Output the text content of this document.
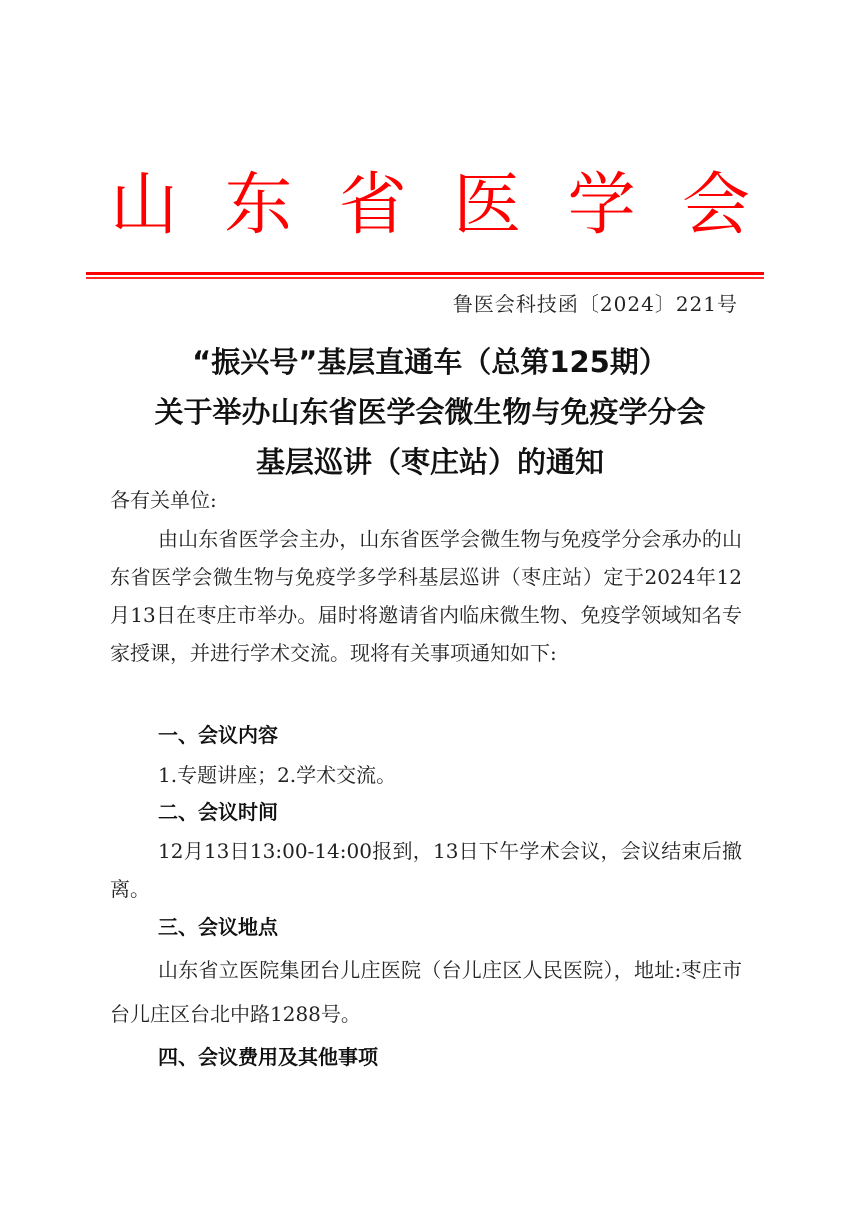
山 东 省 医 学 会
鲁医会科技函〔2024〕221号
“振兴号”基层直通车（总第125期）
关于举办山东省医学会微生物与免疫学分会
基层巡讲（枣庄站）的通知
各有关单位:
由山东省医学会主办，山东省医学会微生物与免疫学分会承办的山东省医学会微生物与免疫学多学科基层巡讲（枣庄站）定于2024年12月13日在枣庄市举办。届时将邀请省内临床微生物、免疫学领域知名专家授课，并进行学术交流。现将有关事项通知如下:
一、会议内容
1.专题讲座；2.学术交流。
二、会议时间
12月13日13:00-14:00报到，13日下午学术会议，会议结束后撤离。
三、会议地点
山东省立医院集团台儿庄医院（台儿庄区人民医院），地址:枣庄市台儿庄区台北中路1288号。
四、会议费用及其他事项
